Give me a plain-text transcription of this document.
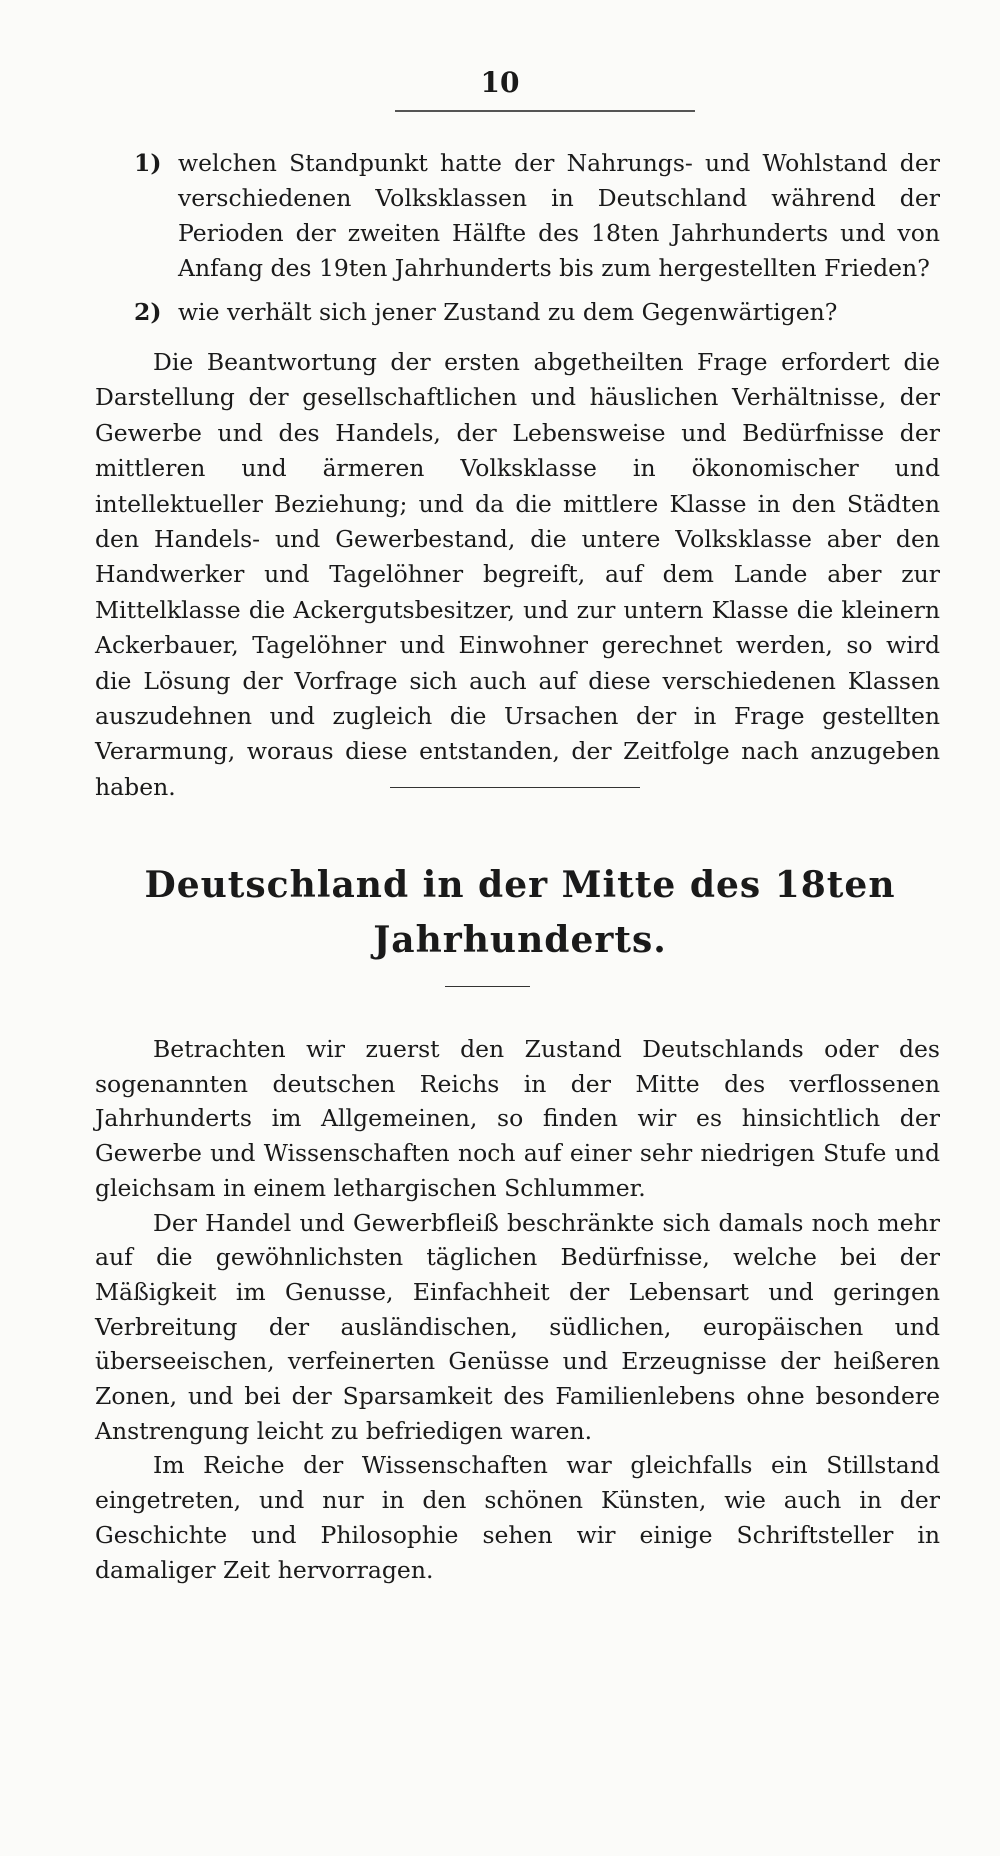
10
1) welchen Standpunkt hatte der Nahrungs- und Wohlstand der verschiedenen Volksklassen in Deutschland während der Perioden der zweiten Hälfte des 18ten Jahrhunderts und von Anfang des 19ten Jahrhunderts bis zum hergestellten Frieden?
2) wie verhält sich jener Zustand zu dem Gegenwärtigen?

Die Beantwortung der ersten abgetheilten Frage erfordert die Darstellung der gesellschaftlichen und häuslichen Verhältnisse, der Gewerbe und des Handels, der Lebensweise und Bedürfnisse der mittleren und ärmeren Volksklasse in ökonomischer und intellektueller Beziehung; und da die mittlere Klasse in den Städten den Handels- und Gewerbestand, die untere Volksklasse aber den Handwerker und Tagelöhner begreift, auf dem Lande aber zur Mittelklasse die Ackergutsbesitzer, und zur untern Klasse die kleinern Ackerbauer, Tagelöhner und Einwohner gerechnet werden, so wird die Lösung der Vorfrage sich auch auf diese verschiedenen Klassen auszudehnen und zugleich die Ursachen der in Frage gestellten Verarmung, woraus diese entstanden, der Zeitfolge nach anzugeben haben.

Deutschland in der Mitte des 18ten Jahrhunderts.

Betrachten wir zuerst den Zustand Deutschlands oder des sogenannten deutschen Reichs in der Mitte des verflossenen Jahrhunderts im Allgemeinen, so finden wir es hinsichtlich der Gewerbe und Wissenschaften noch auf einer sehr niedrigen Stufe und gleichsam in einem lethargischen Schlummer.

Der Handel und Gewerbfleiß beschränkte sich damals noch mehr auf die gewöhnlichsten täglichen Bedürfnisse, welche bei der Mäßigkeit im Genusse, Einfachheit der Lebensart und geringen Verbreitung der ausländischen, südlichen, europäischen und überseeischen, verfeinerten Genüsse und Erzeugnisse der heißeren Zonen, und bei der Sparsamkeit des Familienlebens ohne besondere Anstrengung leicht zu befriedigen waren.

Im Reiche der Wissenschaften war gleichfalls ein Stillstand eingetreten, und nur in den schönen Künsten, wie auch in der Geschichte und Philosophie sehen wir einige Schriftsteller in damaliger Zeit hervorragen.
